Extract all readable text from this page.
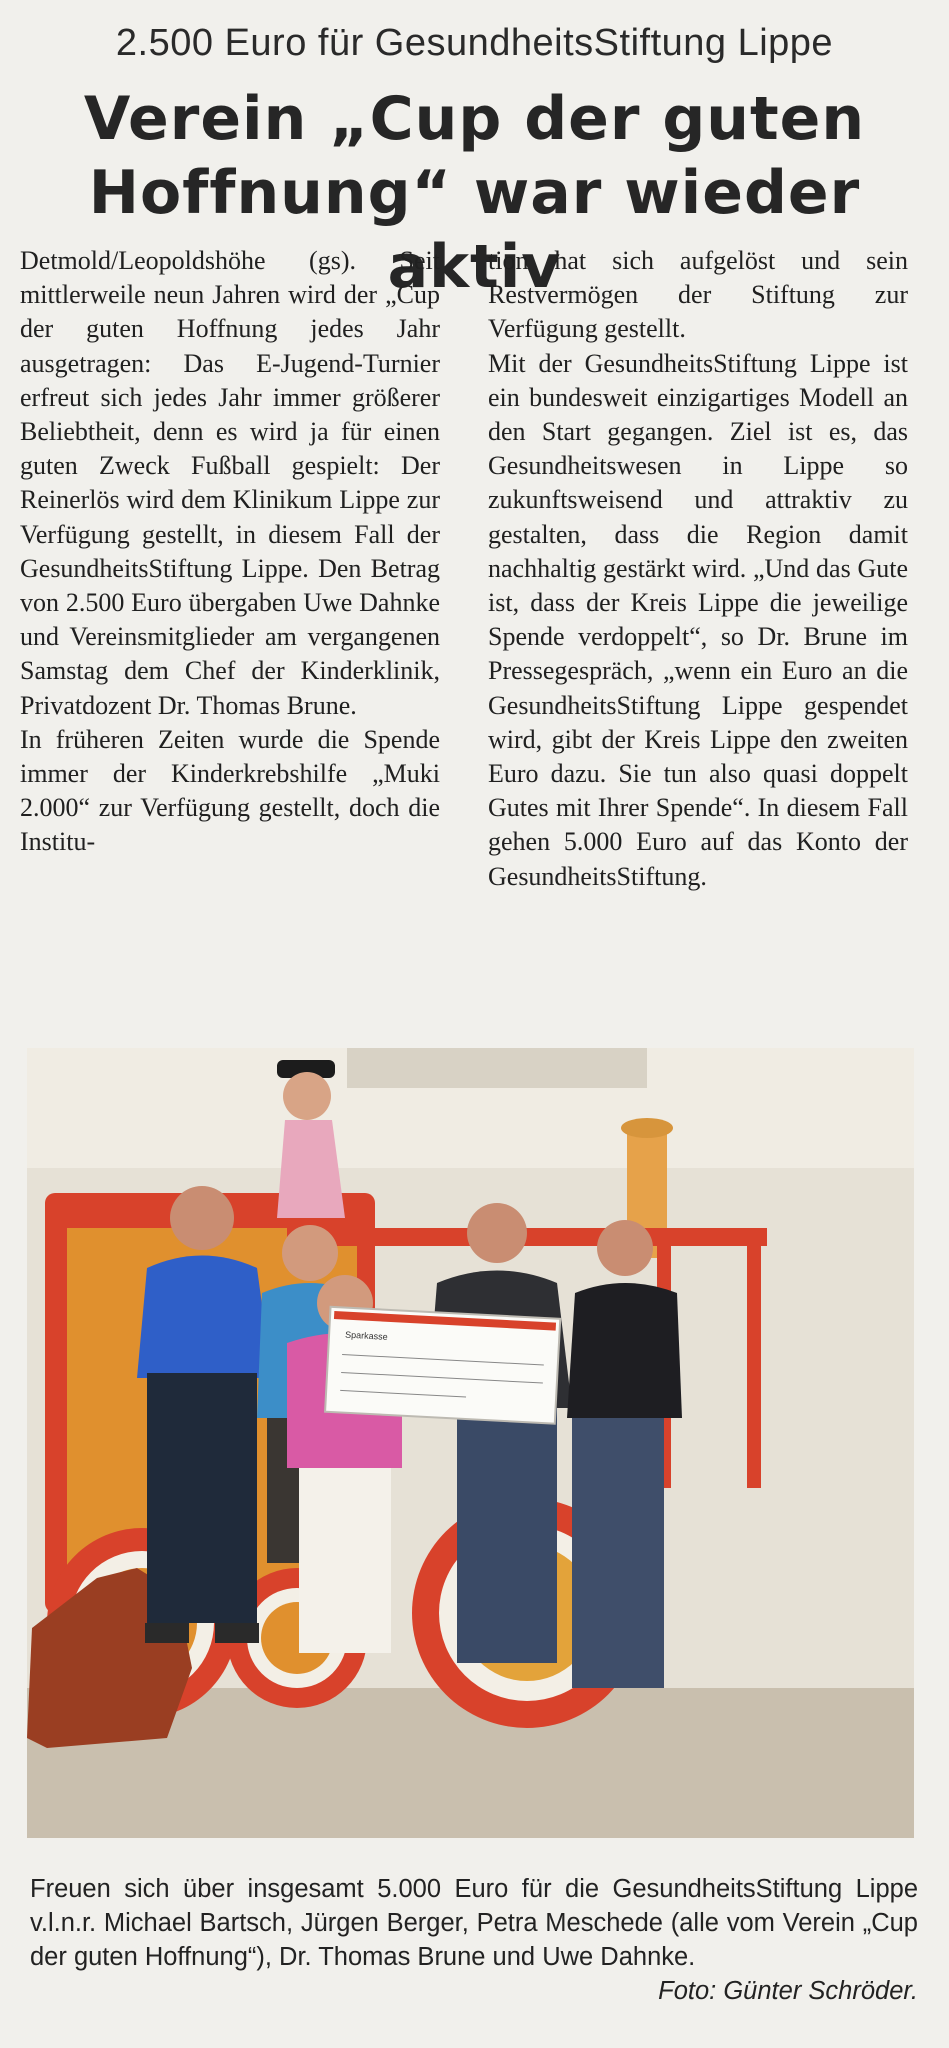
2.500 Euro für GesundheitsStiftung Lippe
Verein „Cup der guten Hoffnung“ war wieder aktiv

Detmold/Leopoldshöhe (gs). Seit mittlerweile neun Jahren wird der „Cup der guten Hoffnung jedes Jahr ausgetragen: Das E-Jugend-Turnier erfreut sich jedes Jahr immer größerer Beliebtheit, denn es wird ja für einen guten Zweck Fußball gespielt: Der Reinerlös wird dem Klinikum Lippe zur Verfügung gestellt, in diesem Fall der GesundheitsStiftung Lippe. Den Betrag von 2.500 Euro übergaben Uwe Dahnke und Vereinsmitglieder am vergangenen Samstag dem Chef der Kinderklinik, Privatdozent Dr. Thomas Brune.

In früheren Zeiten wurde die Spende immer der Kinderkrebshilfe „Muki 2.000“ zur Verfügung gestellt, doch die Institu-

tion hat sich aufgelöst und sein Restvermögen der Stiftung zur Verfügung gestellt.

Mit der GesundheitsStiftung Lippe ist ein bundesweit einzigartiges Modell an den Start gegangen. Ziel ist es, das Gesundheitswesen in Lippe so zukunftsweisend und attraktiv zu gestalten, dass die Region damit nachhaltig gestärkt wird. „Und das Gute ist, dass der Kreis Lippe die jeweilige Spende verdoppelt“, so Dr. Brune im Pressegespräch, „wenn ein Euro an die GesundheitsStiftung Lippe gespendet wird, gibt der Kreis Lippe den zweiten Euro dazu. Sie tun also quasi doppelt Gutes mit Ihrer Spende“. In diesem Fall gehen 5.000 Euro auf das Konto der GesundheitsStiftung.

Sparkasse
Freuen sich über insgesamt 5.000 Euro für die GesundheitsStiftung Lippe v.l.n.r. Michael Bartsch, Jürgen Berger, Petra Meschede (alle vom Verein „Cup der guten Hoffnung“), Dr. Thomas Brune und Uwe Dahnke.
Foto: Günter Schröder.
